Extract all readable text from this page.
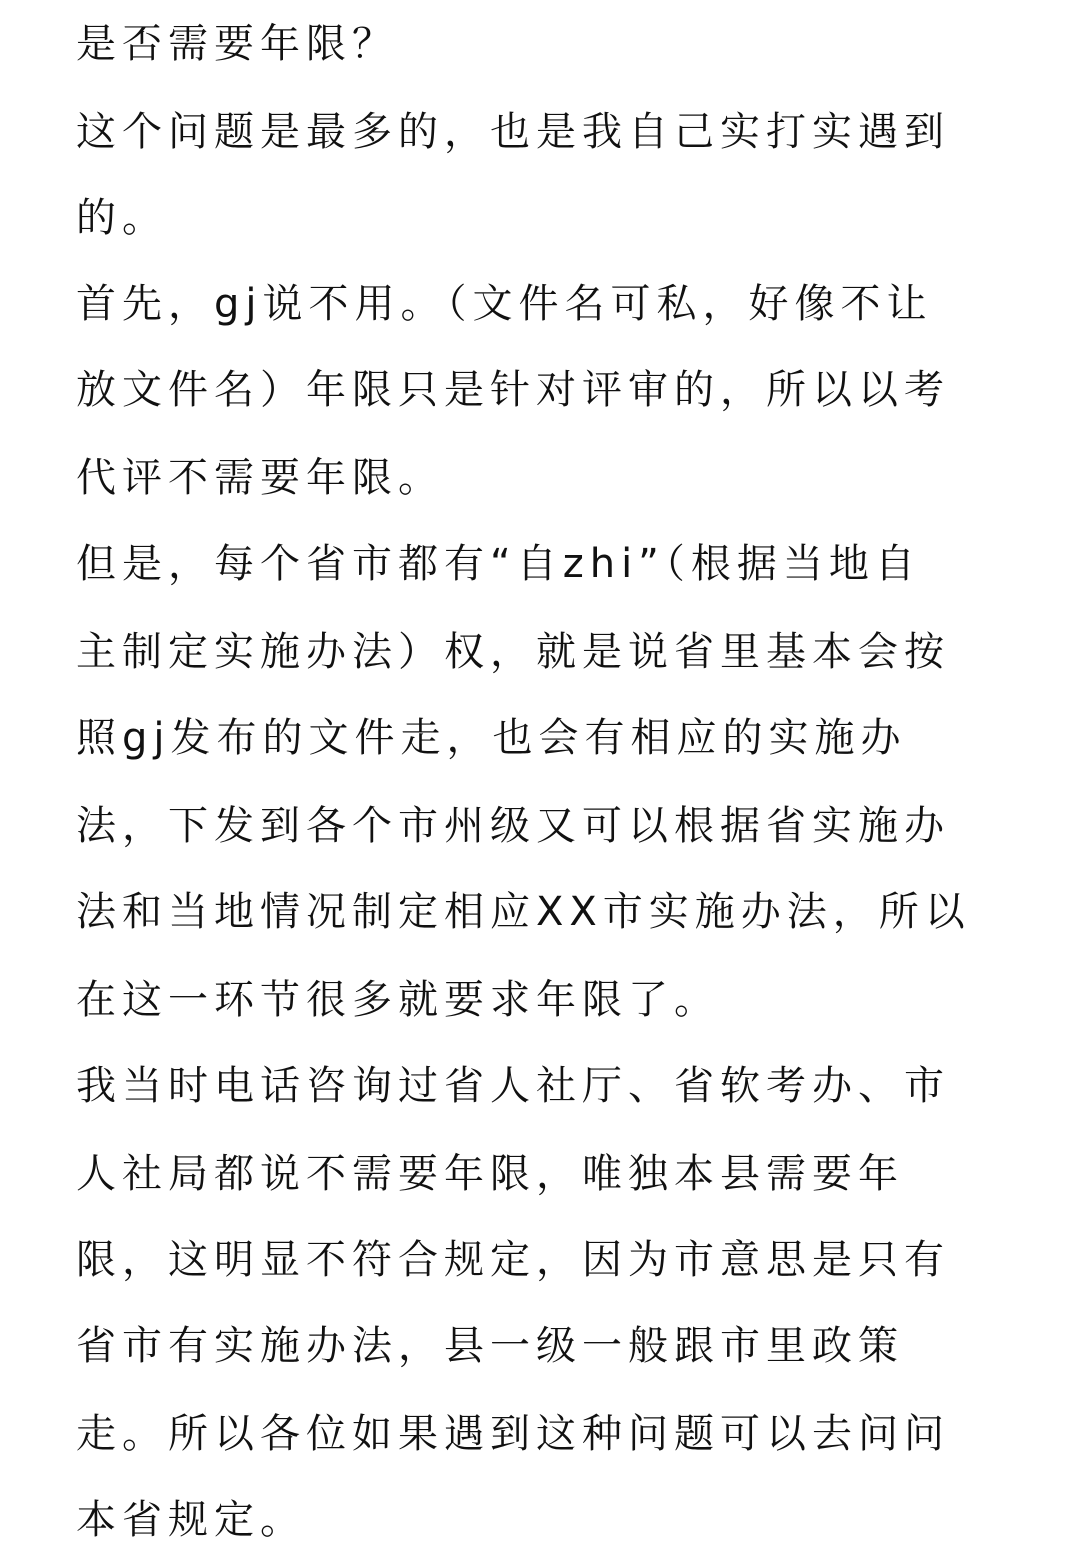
是否需要年限？
这个问题是最多的，也是我自己实打实遇到
的。
首先，gj说不用。（文件名可私，好像不让
放文件名）年限只是针对评审的，所以以考
代评不需要年限。
但是，每个省市都有“自zhi”（根据当地自
主制定实施办法）权，就是说省里基本会按
照gj发布的文件走，也会有相应的实施办
法，下发到各个市州级又可以根据省实施办
法和当地情况制定相应XX市实施办法，所以
在这一环节很多就要求年限了。
我当时电话咨询过省人社厅、省软考办、市
人社局都说不需要年限，唯独本县需要年
限，这明显不符合规定，因为市意思是只有
省市有实施办法，县一级一般跟市里政策
走。所以各位如果遇到这种问题可以去问问
本省规定。
